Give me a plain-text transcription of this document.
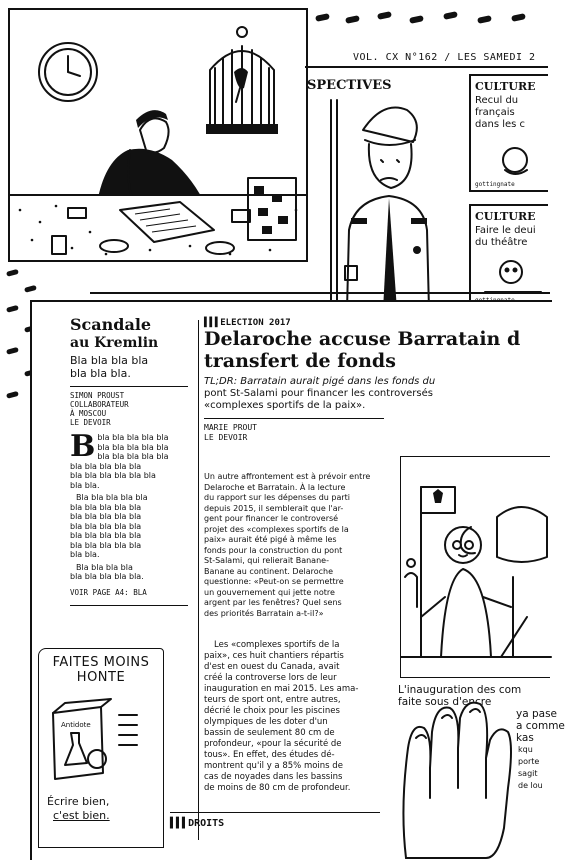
VOL. CX N°162 / LES SAMEDI 2
SPECTIVES	CULTURE
Recul du
français
dans les c
gottingnate
CULTURE
Faire le deui
du théâtre
Scandale
au Kremlin
Bla bla bla bla
bla bla bla.
SIMON PROUST
COLLABORATEUR
À MOSCOU
LE DEVOIR
B bla bla bla bla bla
bla bla bla bla bla
bla bla bla bla bla
bla bla bla bla bla
bla bla bla bla bla bla
bla bla.
Bla bla bla bla bla
bla bla bla bla bla
bla bla bla bla bla
bla bla bla bla bla
bla bla bla bla bla
bla bla bla bla bla
bla bla.
Bla bla bla bla
bla bla bla bla bla.
VOIR PAGE A4: BLA
FAITES MOINS
HONTE
Antidote
Écrire bien,
c'est bien.
▌▌▌ELECTION 2017
Delaroche accuse Barratain d
transfert de fonds
TL;DR: Barratain aurait pigé dans les fonds du
pont St-Salami pour financer les controversés
«complexes sportifs de la paix».
MARIE PROUT
LE DEVOIR
Un autre affrontement est à prévoir entre
Delaroche et Barratain. À la lecture
du rapport sur les dépenses du parti
depuis 2015, il semblerait que l'ar-
gent pour financer le controversé
projet des «complexes sportifs de la
paix» aurait été pigé à même les
fonds pour la construction du pont
St-Salami, qui relierait Banane-
Banane au continent. Delaroche
questionne: «Peut-on se permettre
un gouvernement qui jette notre
argent par les fenêtres? Quel sens
des priorités Barratain a-t-il?»
Les «complexes sportifs de la
paix», ces huit chantiers répartis
d'est en ouest du Canada, avait
créé la controverse lors de leur
inauguration en mai 2015. Les ama-
teurs de sport ont, entre autres,
décrié le choix pour les piscines
olympiques de les doter d'un
bassin de seulement 80 cm de
profondeur, «pour la sécurité de
tous». En effet, des études dé-
montrent qu'il y a 85% moins de
cas de noyades dans les bassins
de moins de 80 cm de profondeur.
▌▌▌DROITS
L'inauguration des com
faite sous d'encre
ya pase
a comme
kas
kqu
porte
sagit
de lou
